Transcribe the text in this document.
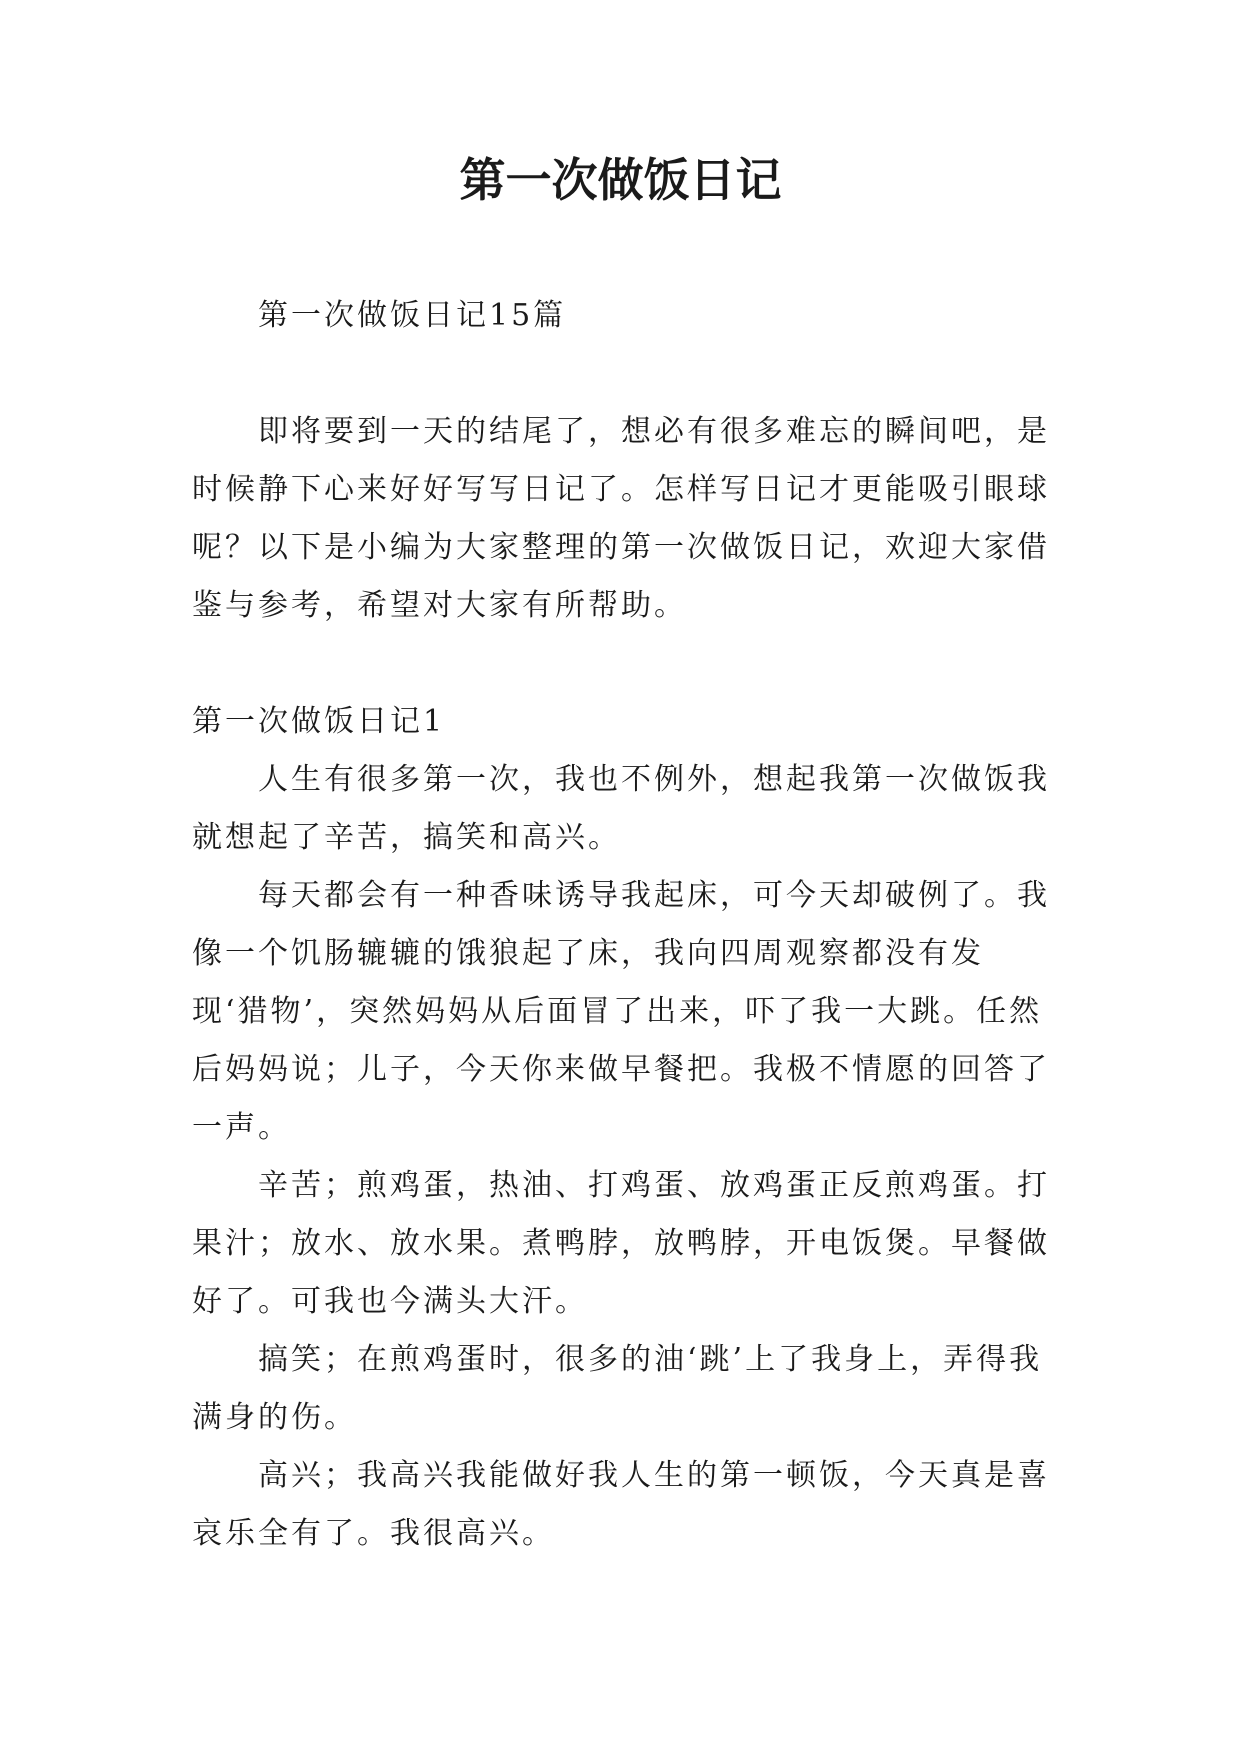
第一次做饭日记

第一次做饭日记15篇

即将要到一天的结尾了，想必有很多难忘的瞬间吧，是时候静下心来好好写写日记了。怎样写日记才更能吸引眼球呢？以下是小编为大家整理的第一次做饭日记，欢迎大家借鉴与参考，希望对大家有所帮助。

第一次做饭日记1

人生有很多第一次，我也不例外，想起我第一次做饭我就想起了辛苦，搞笑和高兴。

每天都会有一种香味诱导我起床，可今天却破例了。我像一个饥肠辘辘的饿狼起了床，我向四周观察都没有发现‘猎物’，突然妈妈从后面冒了出来，吓了我一大跳。任然后妈妈说；儿子，今天你来做早餐把。我极不情愿的回答了一声。

辛苦；煎鸡蛋，热油、打鸡蛋、放鸡蛋正反煎鸡蛋。打果汁；放水、放水果。煮鸭脖，放鸭脖，开电饭煲。早餐做好了。可我也今满头大汗。

搞笑；在煎鸡蛋时，很多的油‘跳’上了我身上，弄得我满身的伤。

高兴；我高兴我能做好我人生的第一顿饭，今天真是喜哀乐全有了。我很高兴。
